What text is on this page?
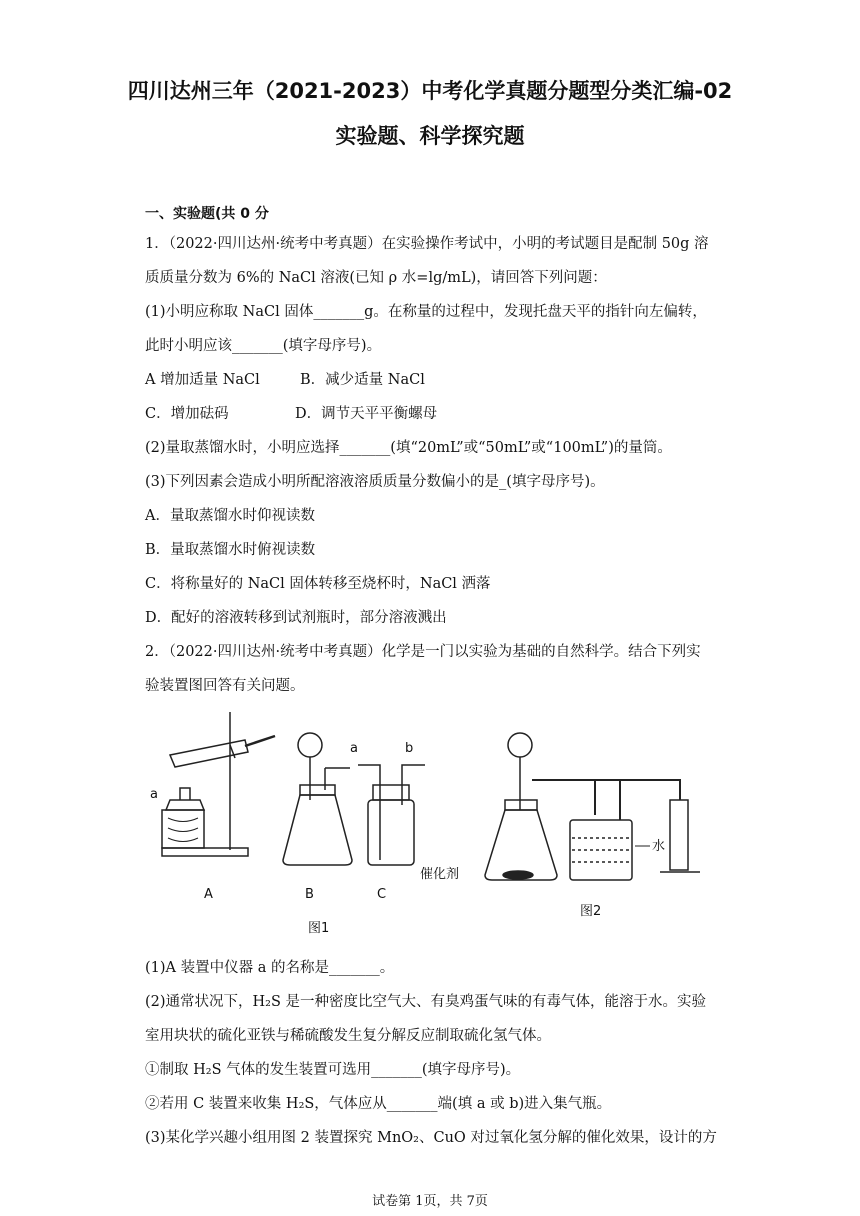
四川达州三年（2021-2023）中考化学真题分题型分类汇编-02
实验题、科学探究题
一、实验题(共 0 分
1．（2022·四川达州·统考中考真题）在实验操作考试中，小明的考试题目是配制 50g 溶
质质量分数为 6%的 NaCl 溶液(已知 ρ 水=lg/mL)，请回答下列问题：
(1)小明应称取 NaCl 固体_______g。在称量的过程中，发现托盘天平的指针向左偏转，
此时小明应该_______(填字母序号)。
A 增加适量 NaCl	B．减少适量 NaCl
C．增加砝码	D．调节天平平衡螺母
(2)量取蒸馏水时，小明应选择_______(填“20mL”或“50mL”或“100mL”)的量筒。
(3)下列因素会造成小明所配溶液溶质质量分数偏小的是_(填字母序号)。
A．量取蒸馏水时仰视读数
B．量取蒸馏水时俯视读数
C．将称量好的 NaCl 固体转移至烧杯时，NaCl 洒落
D．配好的溶液转移到试剂瓶时，部分溶液溅出
2．（2022·四川达州·统考中考真题）化学是一门以实验为基础的自然科学。结合下列实
验装置图回答有关问题。
a
A	B	C
a	b
图1
图2
催化剂
水
(1)A 装置中仪器 a 的名称是_______。
(2)通常状况下，H₂S 是一种密度比空气大、有臭鸡蛋气味的有毒气体，能溶于水。实验
室用块状的硫化亚铁与稀硫酸发生复分解反应制取硫化氢气体。
①制取 H₂S 气体的发生装置可选用_______(填字母序号)。
②若用 C 装置来收集 H₂S，气体应从_______端(填 a 或 b)进入集气瓶。
(3)某化学兴趣小组用图 2 装置探究 MnO₂、CuO 对过氧化氢分解的催化效果，设计的方
试卷第 1页，共 7页
